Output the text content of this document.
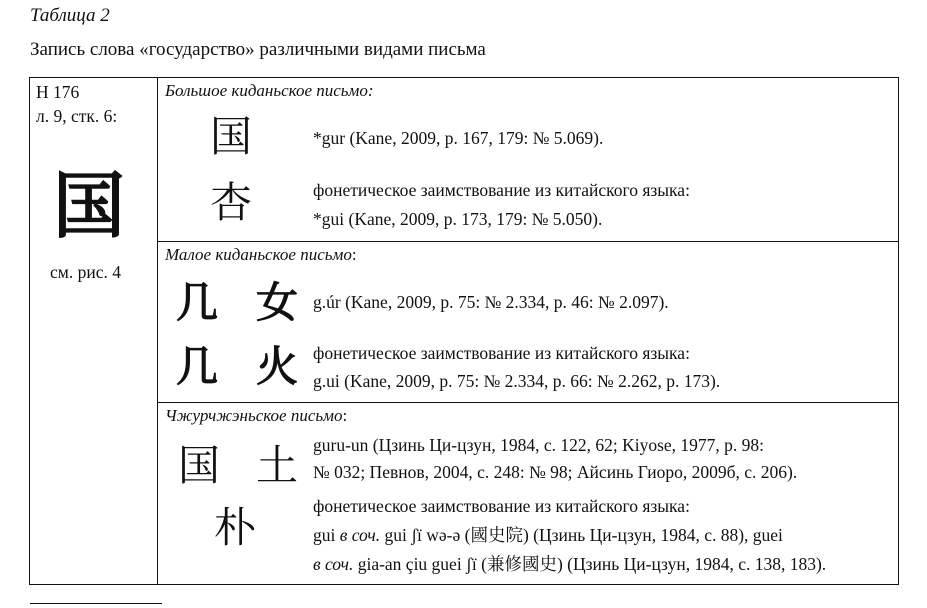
Таблица 2
Запись слова «государство» различными видами письма
Н 176
л. 9, стк. 6:
国
см. рис. 4
Большое киданьское письмо:
国	*gur (Kane, 2009, p. 167, 179: № 5.069).
杏	фонетическое заимствование из китайского языка:
*gui (Kane, 2009, p. 173, 179: № 5.050).
Малое киданьское письмо:
几 女 g.úr (Kane, 2009, p. 75: № 2.334, p. 46: № 2.097).
几 火 фонетическое заимствование из китайского языка:
g.ui (Kane, 2009, p. 75: № 2.334, p. 66: № 2.262, p. 173).
Чжурчжэньское письмо:
国 土 guru-un (Цзинь Ци-цзун, 1984, с. 122, 62; Kiyose, 1977, p. 98:
№ 032; Певнов, 2004, с. 248: № 98; Айсинь Гиоро, 2009б, с. 206).
朴	фонетическое заимствование из китайского языка:
gui в соч. gui ʃï wə-ə (國史院) (Цзинь Ци-цзун, 1984, с. 88), guei
в соч. gia-an çiu guei ʃï (兼修國史) (Цзинь Ци-цзун, 1984, с. 138, 183).
